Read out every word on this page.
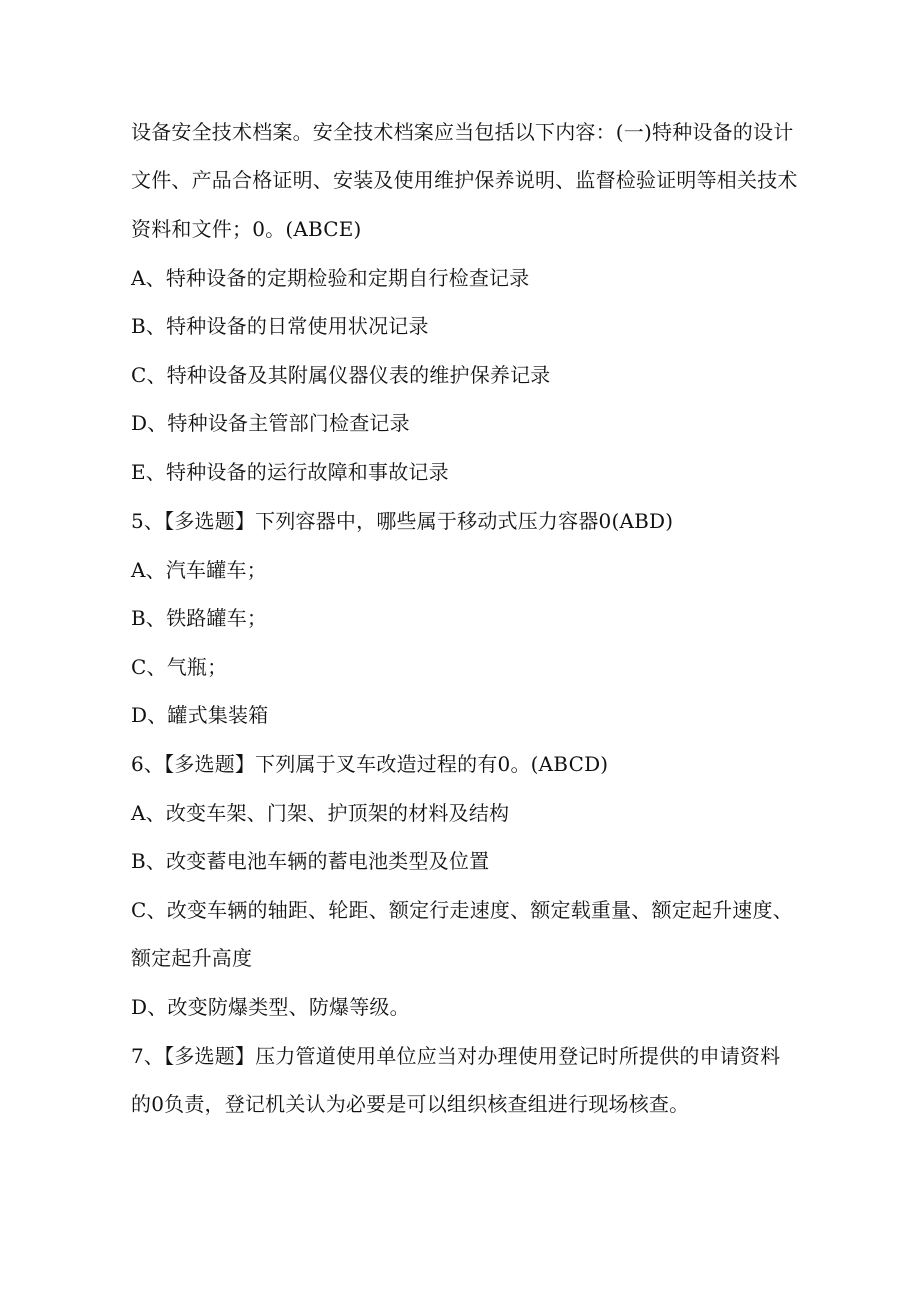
设备安全技术档案。安全技术档案应当包括以下内容：(一)特种设备的设计
文件、产品合格证明、安装及使用维护保养说明、监督检验证明等相关技术
资料和文件；0。(ABCE)
A、特种设备的定期检验和定期自行检查记录
B、特种设备的日常使用状况记录
C、特种设备及其附属仪器仪表的维护保养记录
D、特种设备主管部门检查记录
E、特种设备的运行故障和事故记录
5、【多选题】下列容器中，哪些属于移动式压力容器0(ABD)
A、汽车罐车；
B、铁路罐车；
C、气瓶；
D、罐式集装箱
6、【多选题】下列属于叉车改造过程的有0。(ABCD)
A、改变车架、门架、护顶架的材料及结构
B、改变蓄电池车辆的蓄电池类型及位置
C、改变车辆的轴距、轮距、额定行走速度、额定载重量、额定起升速度、
额定起升高度
D、改变防爆类型、防爆等级。
7、【多选题】压力管道使用单位应当对办理使用登记时所提供的申请资料
的0负责，登记机关认为必要是可以组织核查组进行现场核查。
